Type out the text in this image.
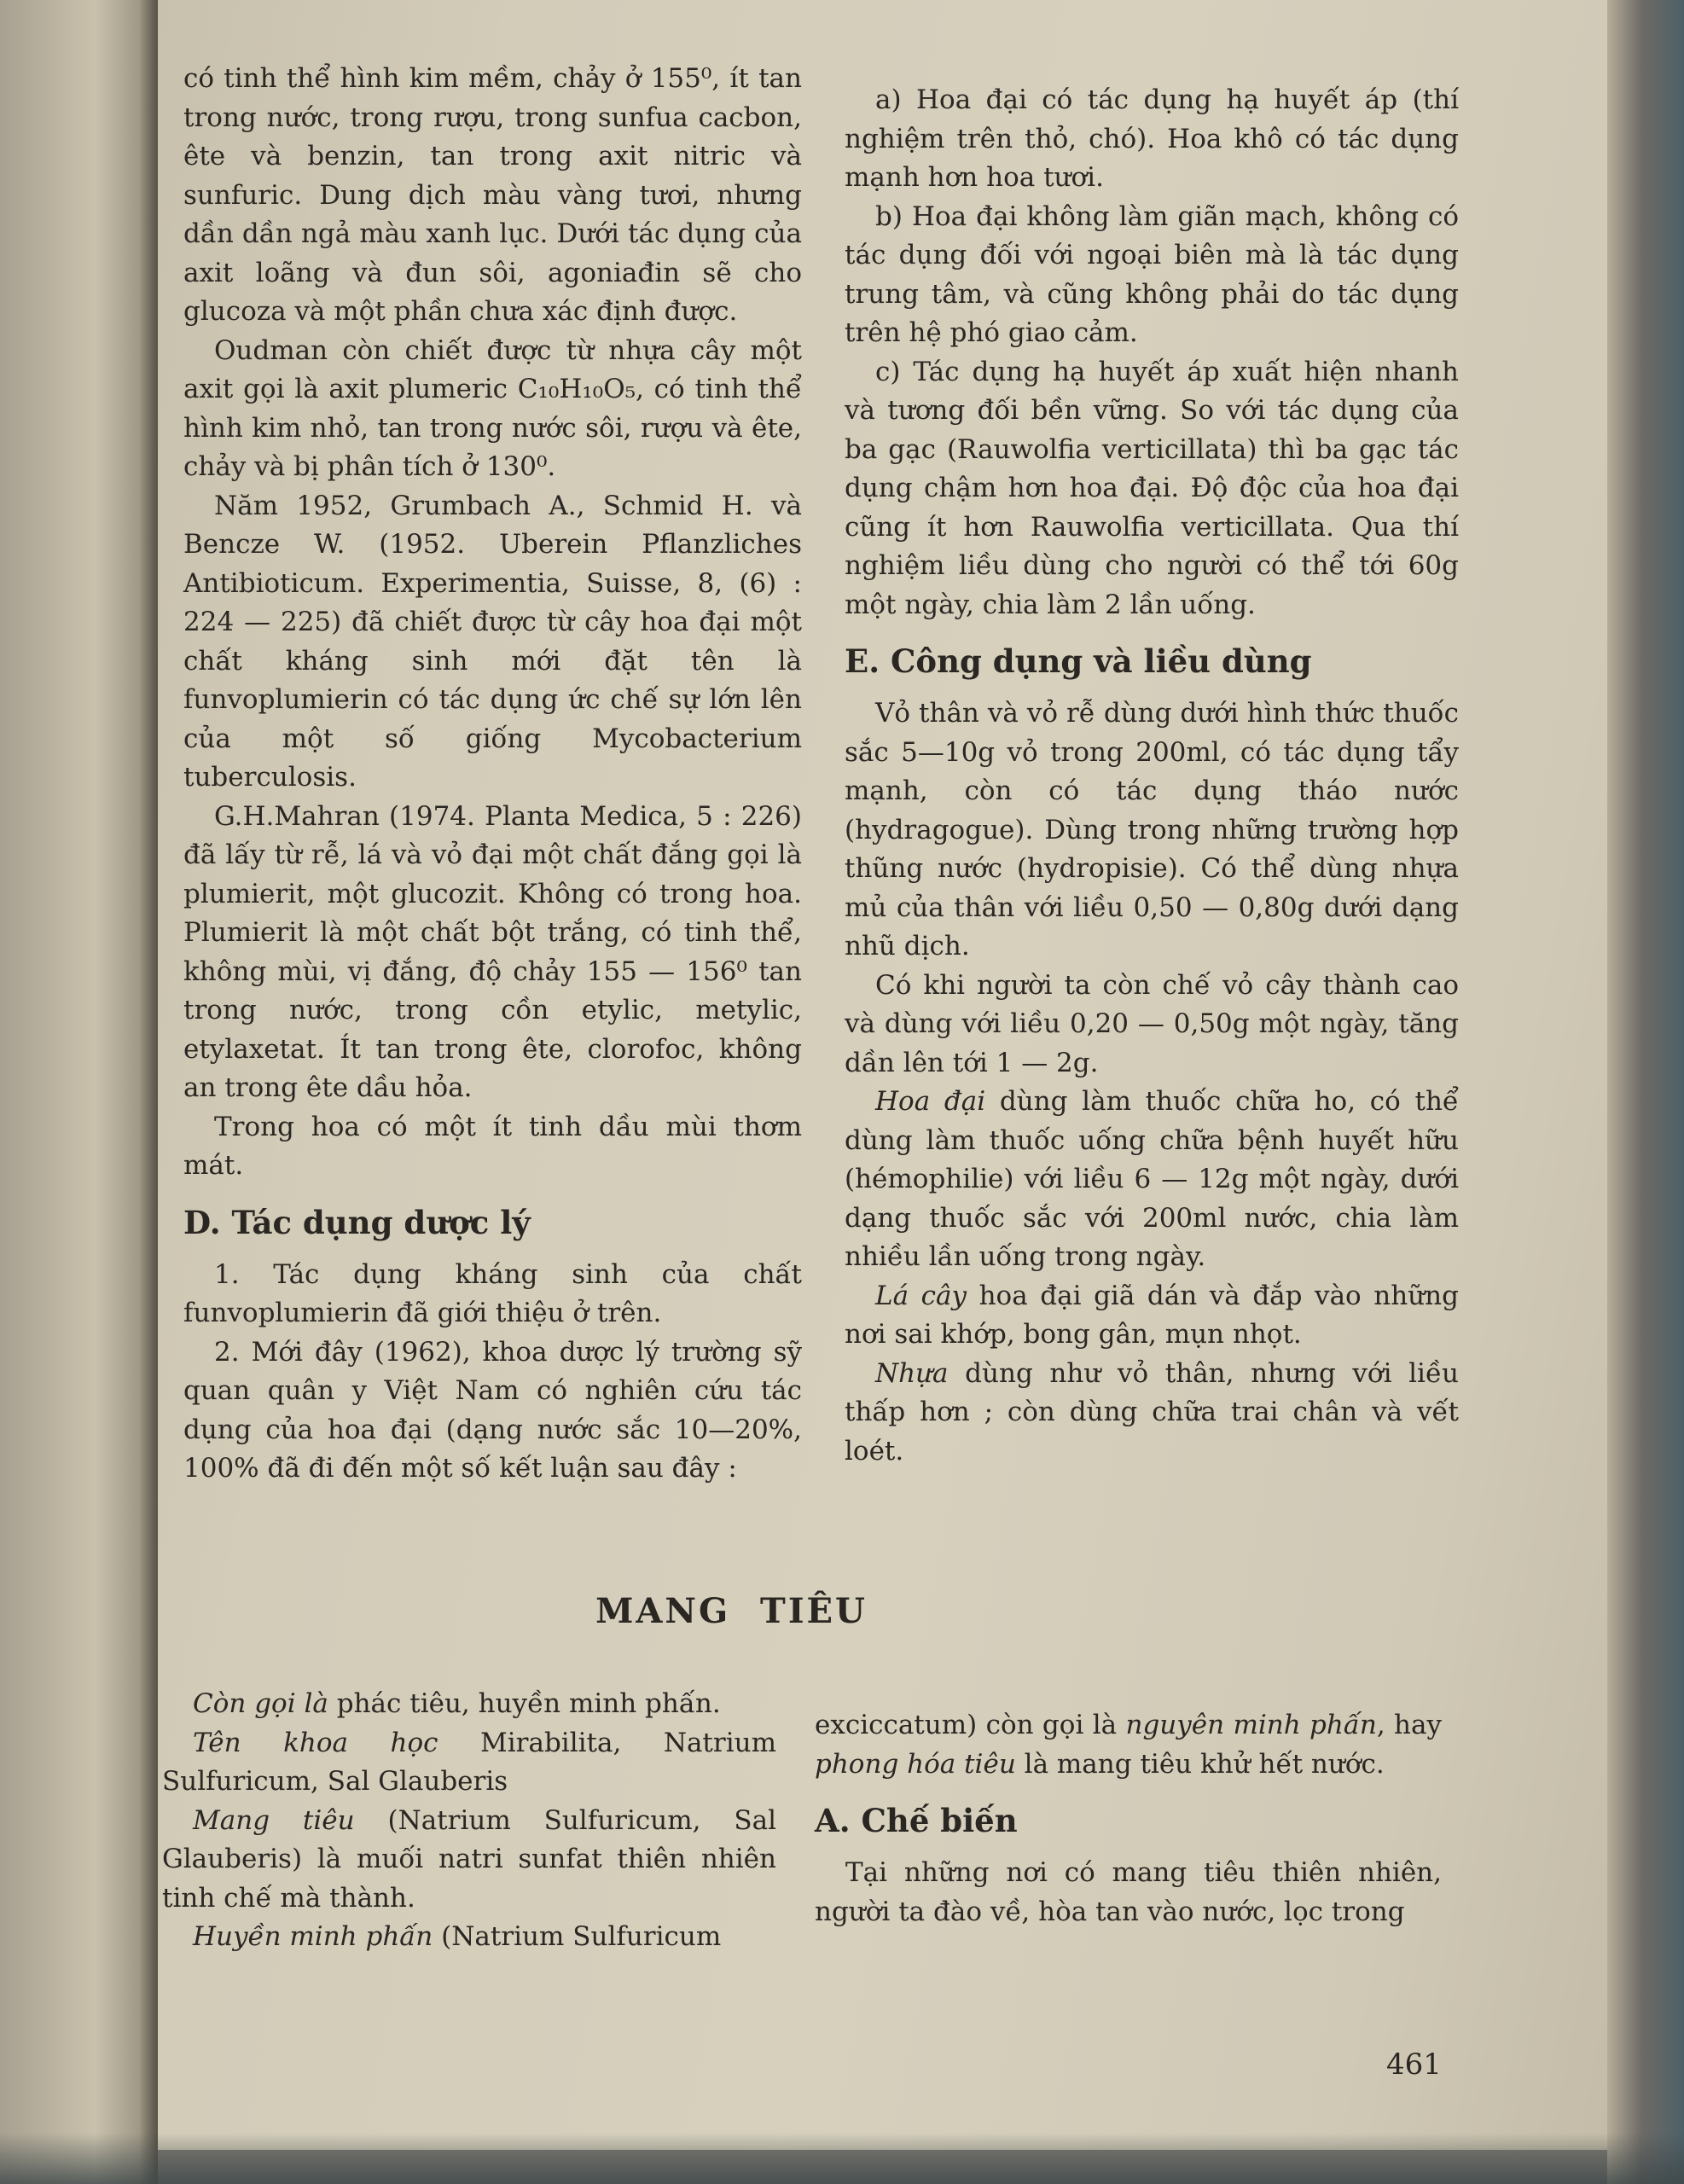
có tinh thể hình kim mềm, chảy ở 155⁰, ít tan trong nước, trong rượu, trong sunfua cacbon, ête và benzin, tan trong axit nitric và sunfuric. Dung dịch màu vàng tươi, nhưng dần dần ngả màu xanh lục. Dưới tác dụng của axit loãng và đun sôi, agoniađin sẽ cho glucoza và một phần chưa xác định được.

Oudman còn chiết được từ nhựa cây một axit gọi là axit plumeric C₁₀H₁₀O₅, có tinh thể hình kim nhỏ, tan trong nước sôi, rượu và ête, chảy và bị phân tích ở 130⁰.

Năm 1952, Grumbach A., Schmid H. và Bencze W. (1952. Uberein Pflanzliches Antibioticum. Experimentia, Suisse, 8, (6) : 224 — 225) đã chiết được từ cây hoa đại một chất kháng sinh mới đặt tên là funvoplumierin có tác dụng ức chế sự lớn lên của một số giống Mycobacterium tuberculosis.

G.H.Mahran (1974. Planta Medica, 5 : 226) đã lấy từ rễ, lá và vỏ đại một chất đắng gọi là plumierit, một glucozit. Không có trong hoa. Plumierit là một chất bột trắng, có tinh thể, không mùi, vị đắng, độ chảy 155 — 156⁰ tan trong nước, trong cồn etylic, metylic, etylaxetat. Ít tan trong ête, clorofoc, không an trong ête dầu hỏa.

Trong hoa có một ít tinh dầu mùi thơm mát.

D. Tác dụng dược lý

1. Tác dụng kháng sinh của chất funvoplumierin đã giới thiệu ở trên.

2. Mới đây (1962), khoa dược lý trường sỹ quan quân y Việt Nam có nghiên cứu tác dụng của hoa đại (dạng nước sắc 10—20%, 100% đã đi đến một số kết luận sau đây :

a) Hoa đại có tác dụng hạ huyết áp (thí nghiệm trên thỏ, chó). Hoa khô có tác dụng mạnh hơn hoa tươi.

b) Hoa đại không làm giãn mạch, không có tác dụng đối với ngoại biên mà là tác dụng trung tâm, và cũng không phải do tác dụng trên hệ phó giao cảm.

c) Tác dụng hạ huyết áp xuất hiện nhanh và tương đối bền vững. So với tác dụng của ba gạc (Rauwolfia verticillata) thì ba gạc tác dụng chậm hơn hoa đại. Độ độc của hoa đại cũng ít hơn Rauwolfia verticillata. Qua thí nghiệm liều dùng cho người có thể tới 60g một ngày, chia làm 2 lần uống.

E. Công dụng và liều dùng

Vỏ thân và vỏ rễ dùng dưới hình thức thuốc sắc 5—10g vỏ trong 200ml, có tác dụng tẩy mạnh, còn có tác dụng tháo nước (hydragogue). Dùng trong những trường hợp thũng nước (hydropisie). Có thể dùng nhựa mủ của thân với liều 0,50 — 0,80g dưới dạng nhũ dịch.

Có khi người ta còn chế vỏ cây thành cao và dùng với liều 0,20 — 0,50g một ngày, tăng dần lên tới 1 — 2g.

Hoa đại dùng làm thuốc chữa ho, có thể dùng làm thuốc uống chữa bệnh huyết hữu (hémophilie) với liều 6 — 12g một ngày, dưới dạng thuốc sắc với 200ml nước, chia làm nhiều lần uống trong ngày.

Lá cây hoa đại giã dán và đắp vào những nơi sai khớp, bong gân, mụn nhọt.

Nhựa dùng như vỏ thân, nhưng với liều thấp hơn ; còn dùng chữa trai chân và vết loét.

MANG TIÊU

Còn gọi là phác tiêu, huyền minh phấn.

Tên khoa học Mirabilita, Natrium Sulfuricum, Sal Glauberis

Mang tiêu (Natrium Sulfuricum, Sal Glauberis) là muối natri sunfat thiên nhiên tinh chế mà thành.

Huyền minh phấn (Natrium Sulfuricum

exciccatum) còn gọi là nguyên minh phấn, hay phong hóa tiêu là mang tiêu khử hết nước.

A. Chế biến

Tại những nơi có mang tiêu thiên nhiên, người ta đào về, hòa tan vào nước, lọc trong

461
